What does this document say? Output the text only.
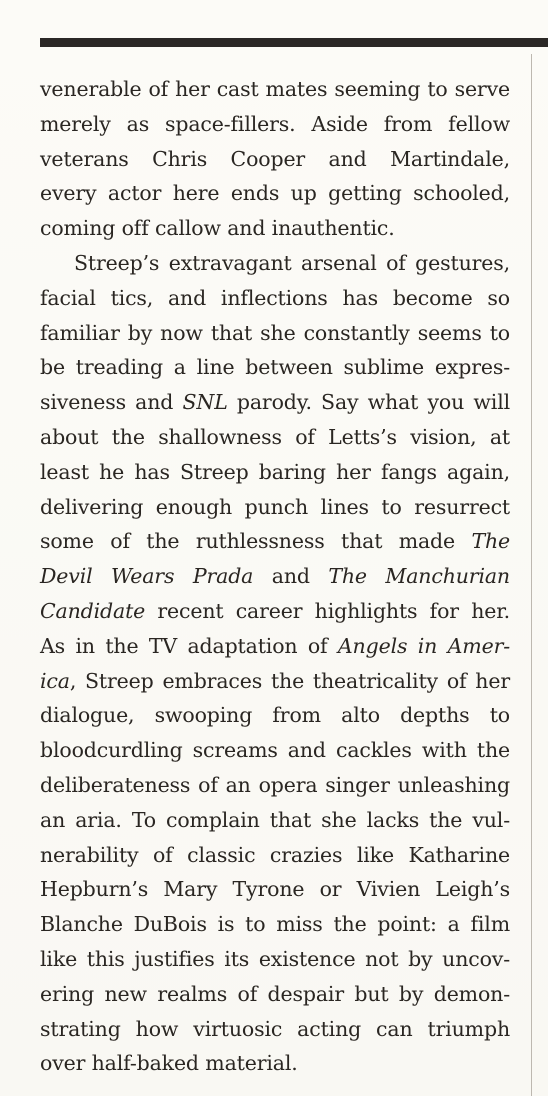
venerable of her cast mates seeming to serve
merely as space-fillers. Aside from fellow
veterans Chris Cooper and Martindale,
every actor here ends up getting schooled,
coming off callow and inauthentic.

Streep’s extravagant arsenal of gestures,
facial tics, and inflections has become so
familiar by now that she constantly seems to
be treading a line between sublime expres-
siveness and SNL parody. Say what you will
about the shallowness of Letts’s vision, at
least he has Streep baring her fangs again,
delivering enough punch lines to resurrect
some of the ruthlessness that made The
Devil Wears Prada and The Manchurian
Candidate recent career highlights for her.
As in the TV adaptation of Angels in Amer-
ica, Streep embraces the theatricality of her
dialogue, swooping from alto depths to
bloodcurdling screams and cackles with the
deliberateness of an opera singer unleashing
an aria. To complain that she lacks the vul-
nerability of classic crazies like Katharine
Hepburn’s Mary Tyrone or Vivien Leigh’s
Blanche DuBois is to miss the point: a film
like this justifies its existence not by uncov-
ering new realms of despair but by demon-
strating how virtuosic acting can triumph
over half-baked material.
